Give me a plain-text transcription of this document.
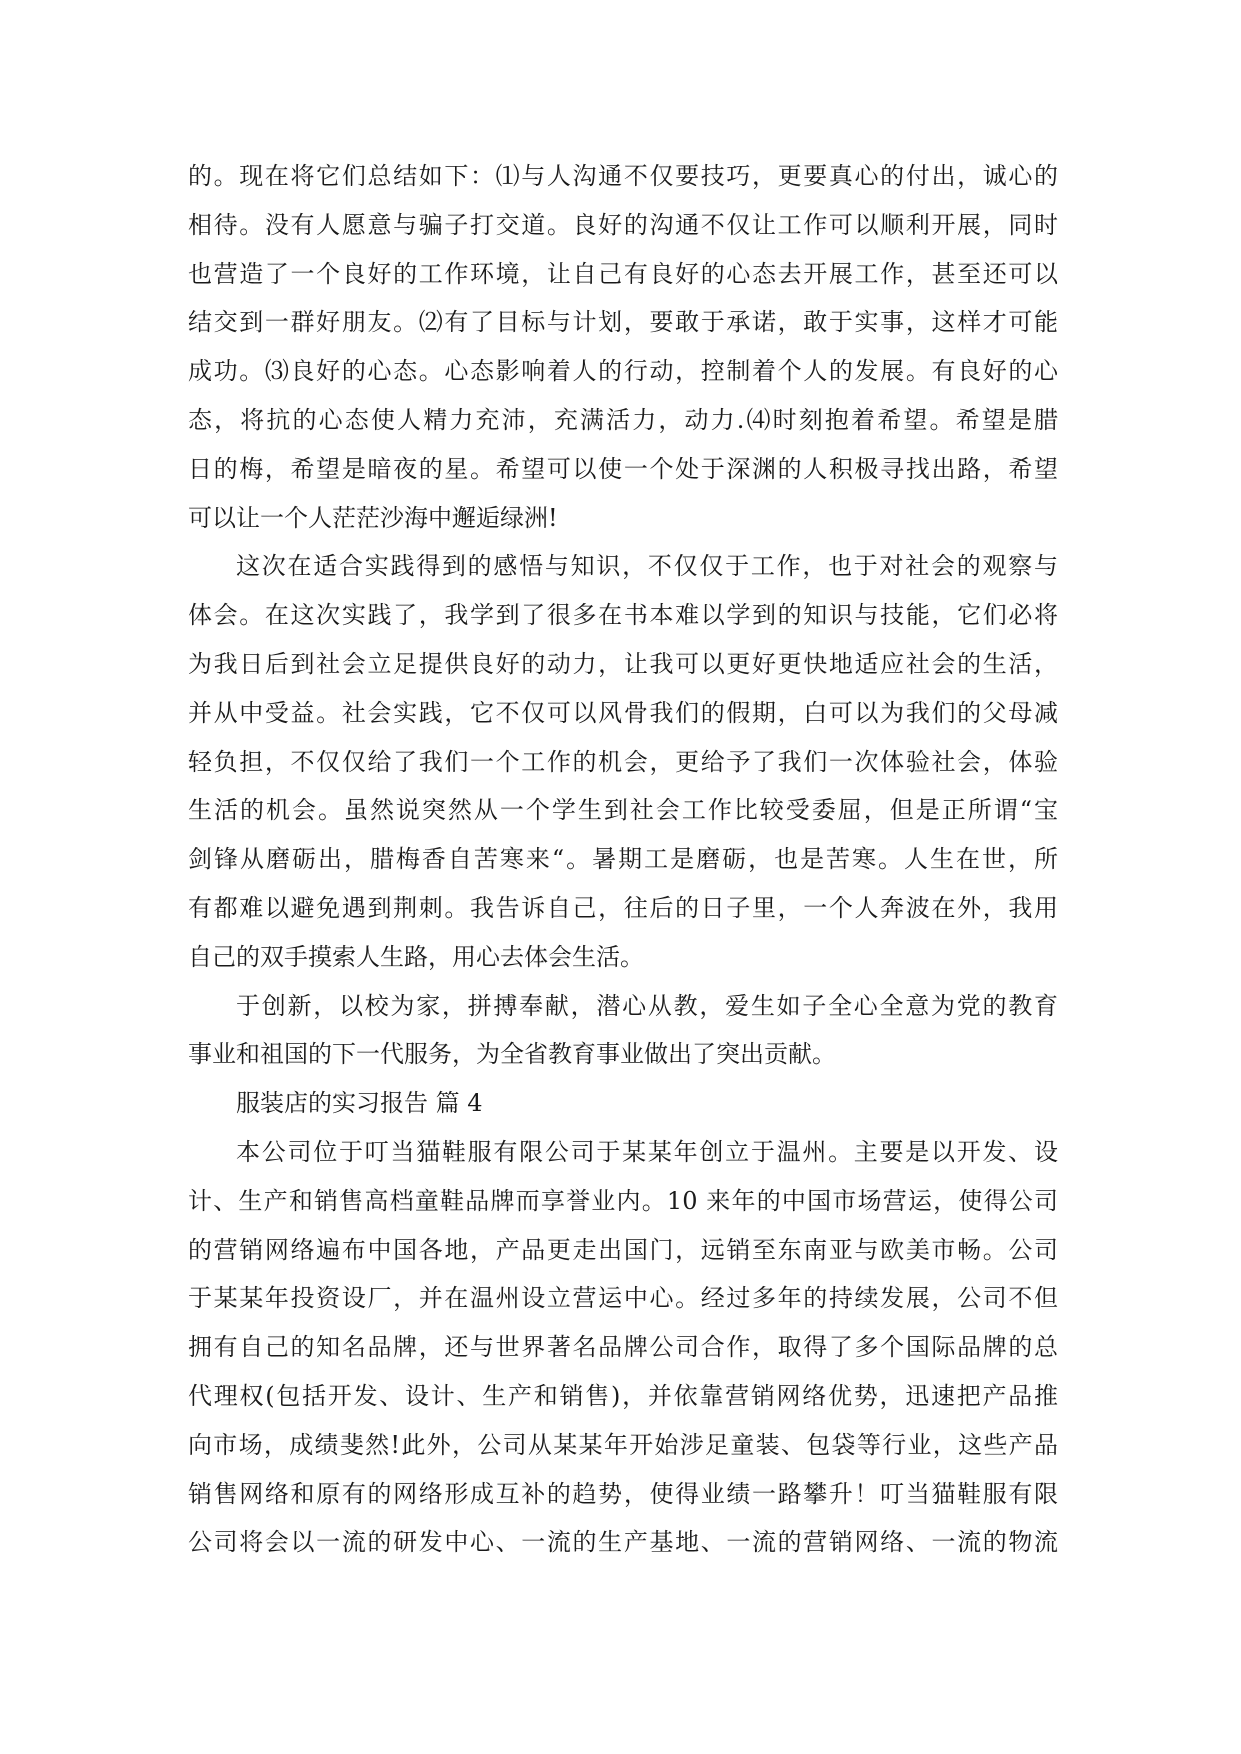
的。现在将它们总结如下：⑴与人沟通不仅要技巧，更要真心的付出，诚心的
相待。没有人愿意与骗子打交道。良好的沟通不仅让工作可以顺利开展，同时
也营造了一个良好的工作环境，让自己有良好的心态去开展工作，甚至还可以
结交到一群好朋友。⑵有了目标与计划，要敢于承诺，敢于实事，这样才可能
成功。⑶良好的心态。心态影响着人的行动，控制着个人的发展。有良好的心
态，将抗的心态使人精力充沛，充满活力，动力.⑷时刻抱着希望。希望是腊
日的梅，希望是暗夜的星。希望可以使一个处于深渊的人积极寻找出路，希望
可以让一个人茫茫沙海中邂逅绿洲!
这次在适合实践得到的感悟与知识，不仅仅于工作，也于对社会的观察与
体会。在这次实践了，我学到了很多在书本难以学到的知识与技能，它们必将
为我日后到社会立足提供良好的动力，让我可以更好更快地适应社会的生活，
并从中受益。社会实践，它不仅可以风骨我们的假期，白可以为我们的父母减
轻负担，不仅仅给了我们一个工作的机会，更给予了我们一次体验社会，体验
生活的机会。虽然说突然从一个学生到社会工作比较受委屈，但是正所谓“宝
剑锋从磨砺出，腊梅香自苦寒来“。暑期工是磨砺，也是苦寒。人生在世，所
有都难以避免遇到荆刺。我告诉自己，往后的日子里，一个人奔波在外，我用
自己的双手摸索人生路，用心去体会生活。
于创新，以校为家，拼搏奉献，潜心从教，爱生如子全心全意为党的教育
事业和祖国的下一代服务，为全省教育事业做出了突出贡献。
服装店的实习报告 篇 4
本公司位于叮当猫鞋服有限公司于某某年创立于温州。主要是以开发、设
计、生产和销售高档童鞋品牌而享誉业内。10 来年的中国市场营运，使得公司
的营销网络遍布中国各地，产品更走出国门，远销至东南亚与欧美市畅。公司
于某某年投资设厂，并在温州设立营运中心。经过多年的持续发展，公司不但
拥有自己的知名品牌，还与世界著名品牌公司合作，取得了多个国际品牌的总
代理权(包括开发、设计、生产和销售)，并依靠营销网络优势，迅速把产品推
向市场，成绩斐然!此外，公司从某某年开始涉足童装、包袋等行业，这些产品
销售网络和原有的网络形成互补的趋势，使得业绩一路攀升！叮当猫鞋服有限
公司将会以一流的研发中心、一流的生产基地、一流的营销网络、一流的物流
